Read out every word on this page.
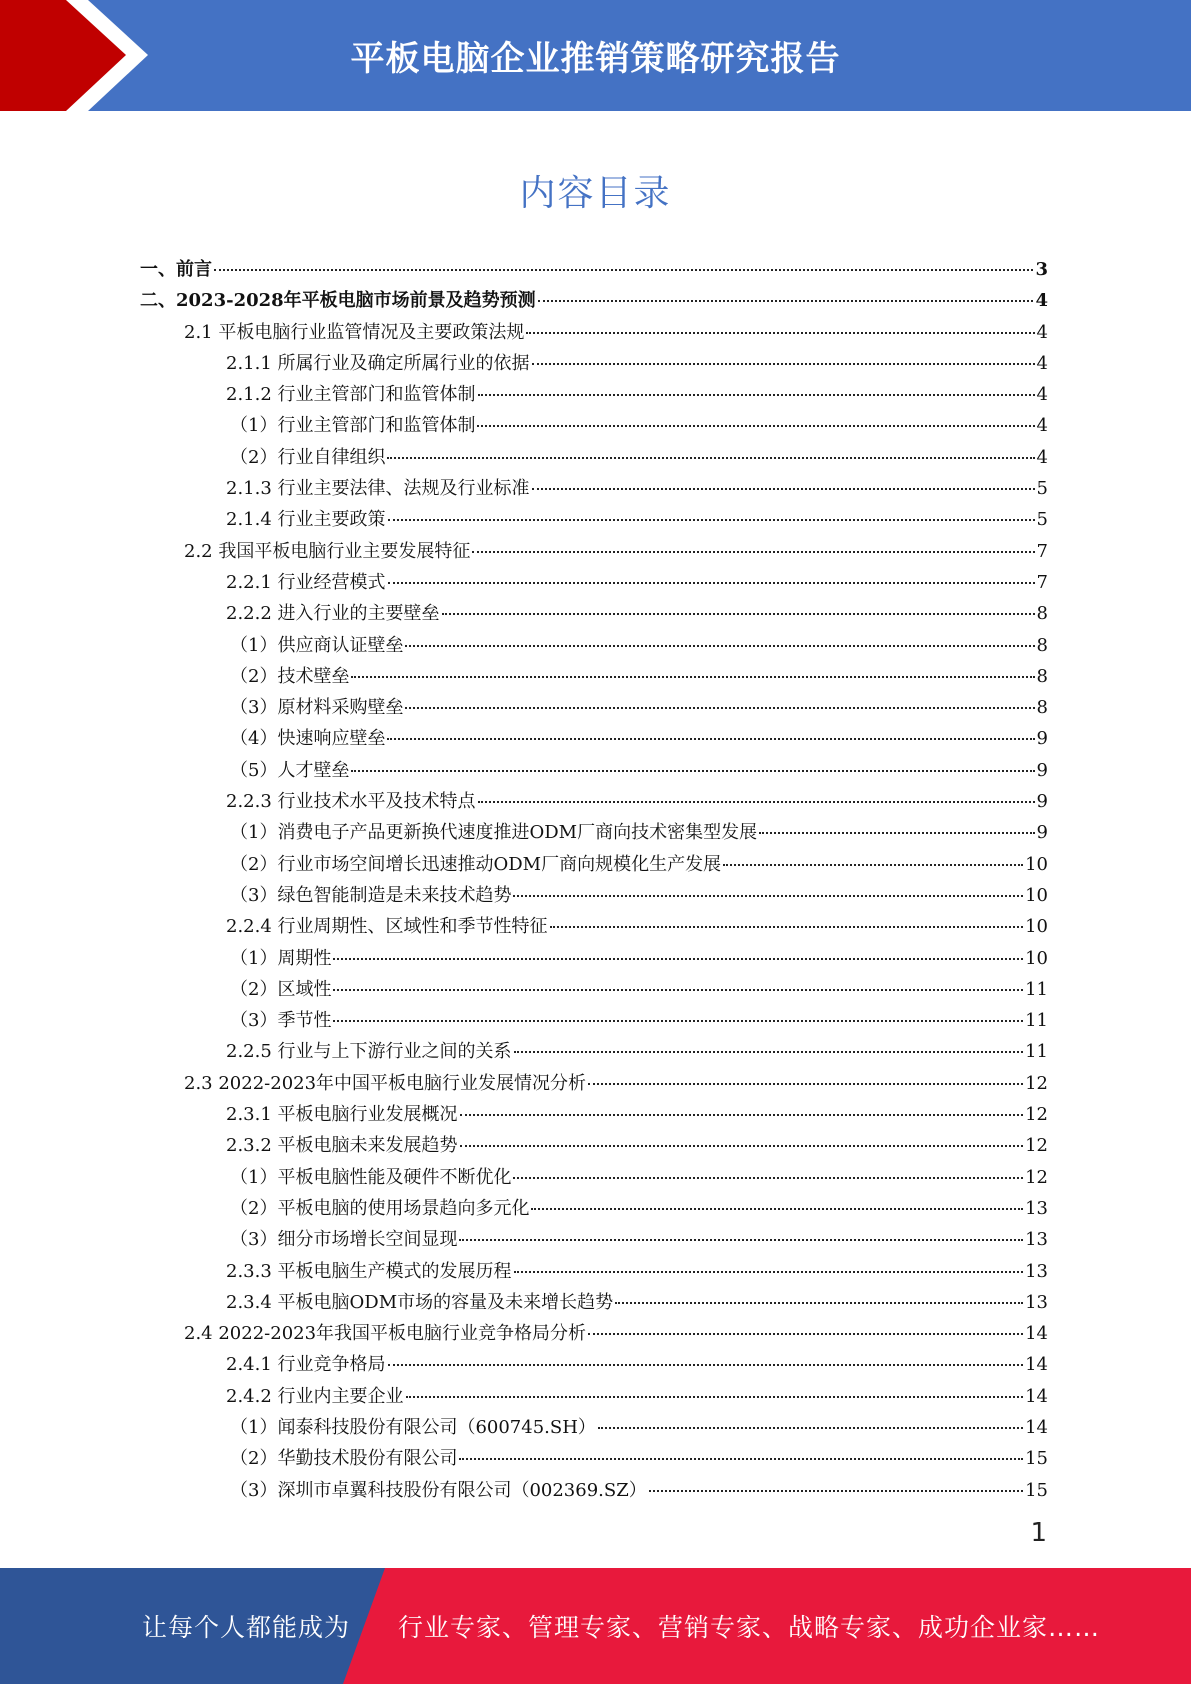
平板电脑企业推销策略研究报告
内容目录
一、前言	3
二、2023-2028年平板电脑市场前景及趋势预测	4
2.1 平板电脑行业监管情况及主要政策法规	4
2.1.1 所属行业及确定所属行业的依据	4
2.1.2 行业主管部门和监管体制	4
（1）行业主管部门和监管体制	4
（2）行业自律组织	4
2.1.3 行业主要法律、法规及行业标准	5
2.1.4 行业主要政策	5
2.2 我国平板电脑行业主要发展特征	7
2.2.1 行业经营模式	7
2.2.2 进入行业的主要壁垒	8
（1）供应商认证壁垒	8
（2）技术壁垒	8
（3）原材料采购壁垒	8
（4）快速响应壁垒	9
（5）人才壁垒	9
2.2.3 行业技术水平及技术特点	9
（1）消费电子产品更新换代速度推进ODM厂商向技术密集型发展	9
（2）行业市场空间增长迅速推动ODM厂商向规模化生产发展	10
（3）绿色智能制造是未来技术趋势	10
2.2.4 行业周期性、区域性和季节性特征	10
（1）周期性	10
（2）区域性	11
（3）季节性	11
2.2.5 行业与上下游行业之间的关系	11
2.3 2022-2023年中国平板电脑行业发展情况分析	12
2.3.1 平板电脑行业发展概况	12
2.3.2 平板电脑未来发展趋势	12
（1）平板电脑性能及硬件不断优化	12
（2）平板电脑的使用场景趋向多元化	13
（3）细分市场增长空间显现	13
2.3.3 平板电脑生产模式的发展历程	13
2.3.4 平板电脑ODM市场的容量及未来增长趋势	13
2.4 2022-2023年我国平板电脑行业竞争格局分析	14
2.4.1 行业竞争格局	14
2.4.2 行业内主要企业	14
（1）闻泰科技股份有限公司（600745.SH）	14
（2）华勤技术股份有限公司	15
（3）深圳市卓翼科技股份有限公司（002369.SZ）	15
1
让每个人都能成为 行业专家、管理专家、营销专家、战略专家、成功企业家……
